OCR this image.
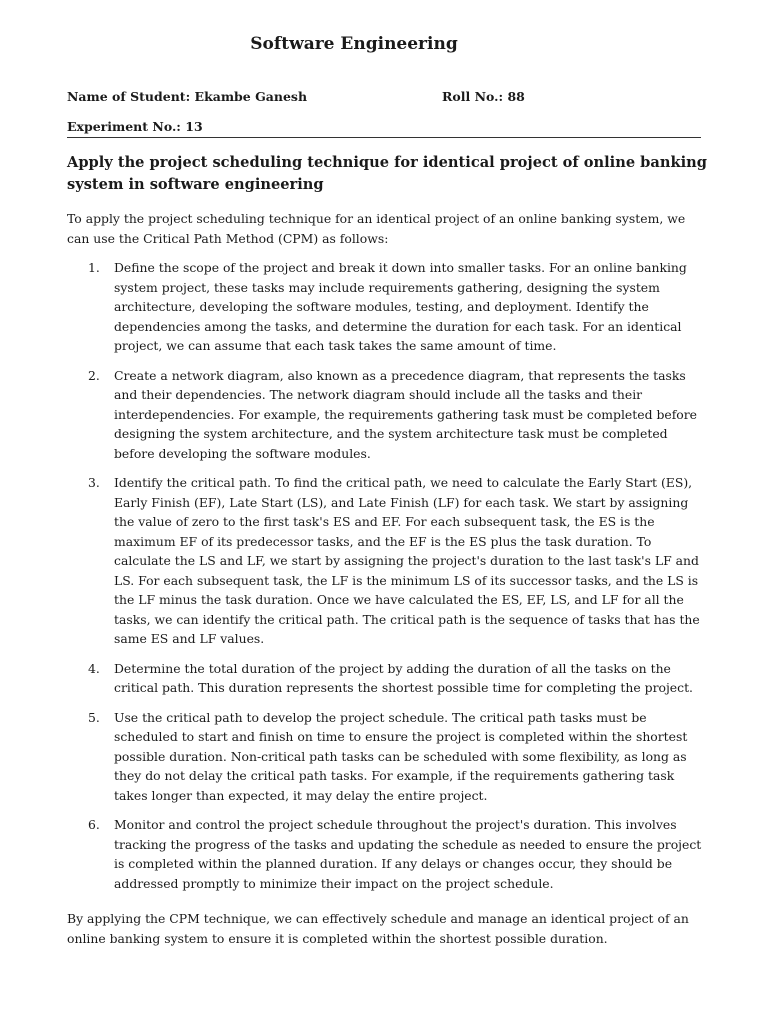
Software Engineering
Name of Student: Ekambe Ganesh	Roll No.: 88
Experiment No.: 13
Apply the project scheduling technique for identical project of online banking system in software engineering
To apply the project scheduling technique for an identical project of an online banking system, we can use the Critical Path Method (CPM) as follows:
1. Define the scope of the project and break it down into smaller tasks. For an online banking system project, these tasks may include requirements gathering, designing the system architecture, developing the software modules, testing, and deployment. Identify the dependencies among the tasks, and determine the duration for each task. For an identical project, we can assume that each task takes the same amount of time.
2. Create a network diagram, also known as a precedence diagram, that represents the tasks and their dependencies. The network diagram should include all the tasks and their interdependencies. For example, the requirements gathering task must be completed before designing the system architecture, and the system architecture task must be completed before developing the software modules.
3. Identify the critical path. To find the critical path, we need to calculate the Early Start (ES), Early Finish (EF), Late Start (LS), and Late Finish (LF) for each task. We start by assigning the value of zero to the first task's ES and EF. For each subsequent task, the ES is the maximum EF of its predecessor tasks, and the EF is the ES plus the task duration. To calculate the LS and LF, we start by assigning the project's duration to the last task's LF and LS. For each subsequent task, the LF is the minimum LS of its successor tasks, and the LS is the LF minus the task duration. Once we have calculated the ES, EF, LS, and LF for all the tasks, we can identify the critical path. The critical path is the sequence of tasks that has the same ES and LF values.
4. Determine the total duration of the project by adding the duration of all the tasks on the critical path. This duration represents the shortest possible time for completing the project.
5. Use the critical path to develop the project schedule. The critical path tasks must be scheduled to start and finish on time to ensure the project is completed within the shortest possible duration. Non-critical path tasks can be scheduled with some flexibility, as long as they do not delay the critical path tasks. For example, if the requirements gathering task takes longer than expected, it may delay the entire project.
6. Monitor and control the project schedule throughout the project's duration. This involves tracking the progress of the tasks and updating the schedule as needed to ensure the project is completed within the planned duration. If any delays or changes occur, they should be addressed promptly to minimize their impact on the project schedule.
By applying the CPM technique, we can effectively schedule and manage an identical project of an online banking system to ensure it is completed within the shortest possible duration.
